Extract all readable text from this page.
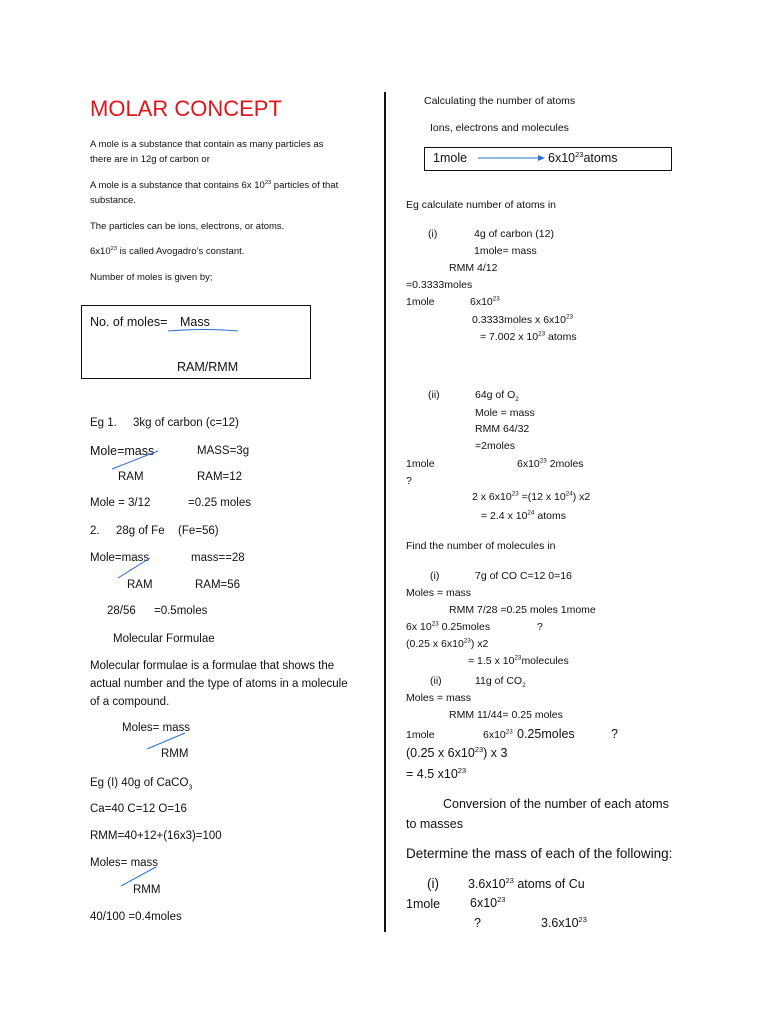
MOLAR CONCEPT
A mole is a substance that contain as many particles as
there are in 12g of carbon or
A mole is a substance that contains 6x $10^{23}$ particles of that
substance.
The particles can be ions, electrons, or atoms.
$6x10^{23}$ is called Avogadro’s constant.
Number of moles is given by;
No. of moles= Mass
RAM/RMM
Eg 1. 3kg of carbon (c=12)
Mole=mass	MASS=3g
RAM	RAM=12
Mole = 3/12	=0.25 moles
2. 28g of Fe (Fe=56)
Mole=mass	mass==28
RAM	RAM=56
28/56 =0.5moles
Molecular Formulae
Molecular formulae is a formulae that shows the
actual number and the type of atoms in a molecule
of a compound.
Moles= mass
RMM
Eg (I) 40g of CaCO$_3$
Ca=40 C=12 O=16
RMM=40+12+(16x3)=100
Moles= mass
RMM
40/100 =0.4moles
Calculating the number of atoms
Ions, electrons and molecules
1mole	$6x10^{23}atoms$
Eg calculate number of atoms in
(i)	4g of carbon (12)
1mole= mass
RMM 4/12
=0.3333moles
1mole	$6x10^{23}$
0.3333moles x $6x10^{23}$
= 7.002 x $10^{23}$ atoms
(ii)	64g of $O_2$
Mole = mass
RMM 64/32
=2moles
1mole	$6x10^{23}$ 2moles
?
2 x $6x10^{23} =(12$ x $10^{24}$) x2
= 2.4 x $10^{24}$ atoms
Find the number of molecules in
(i)	7g of CO C=12 0=16
Moles = mass
RMM 7/28 =0.25 moles 1mome
6x $10^{23}$ 0.25moles	?
(0.25 x $6x10^{23}$) x2
= 1.5 x $10^{23}molecules$
(ii)	11g of $CO_2$
Moles = mass
RMM 11/44= 0.25 moles
1mole	$6x10^{23}$ 0.25moles	?
(0.25 x $6x10^{23}$) x 3
= 4.5 $x10^{23}$
Conversion of the number of each atoms
to masses
Determine the mass of each of the following:
(i) $3.6x10^{23}$ atoms of Cu
1mole $6x10^{23}$
?	$3.6x10^{23}$
